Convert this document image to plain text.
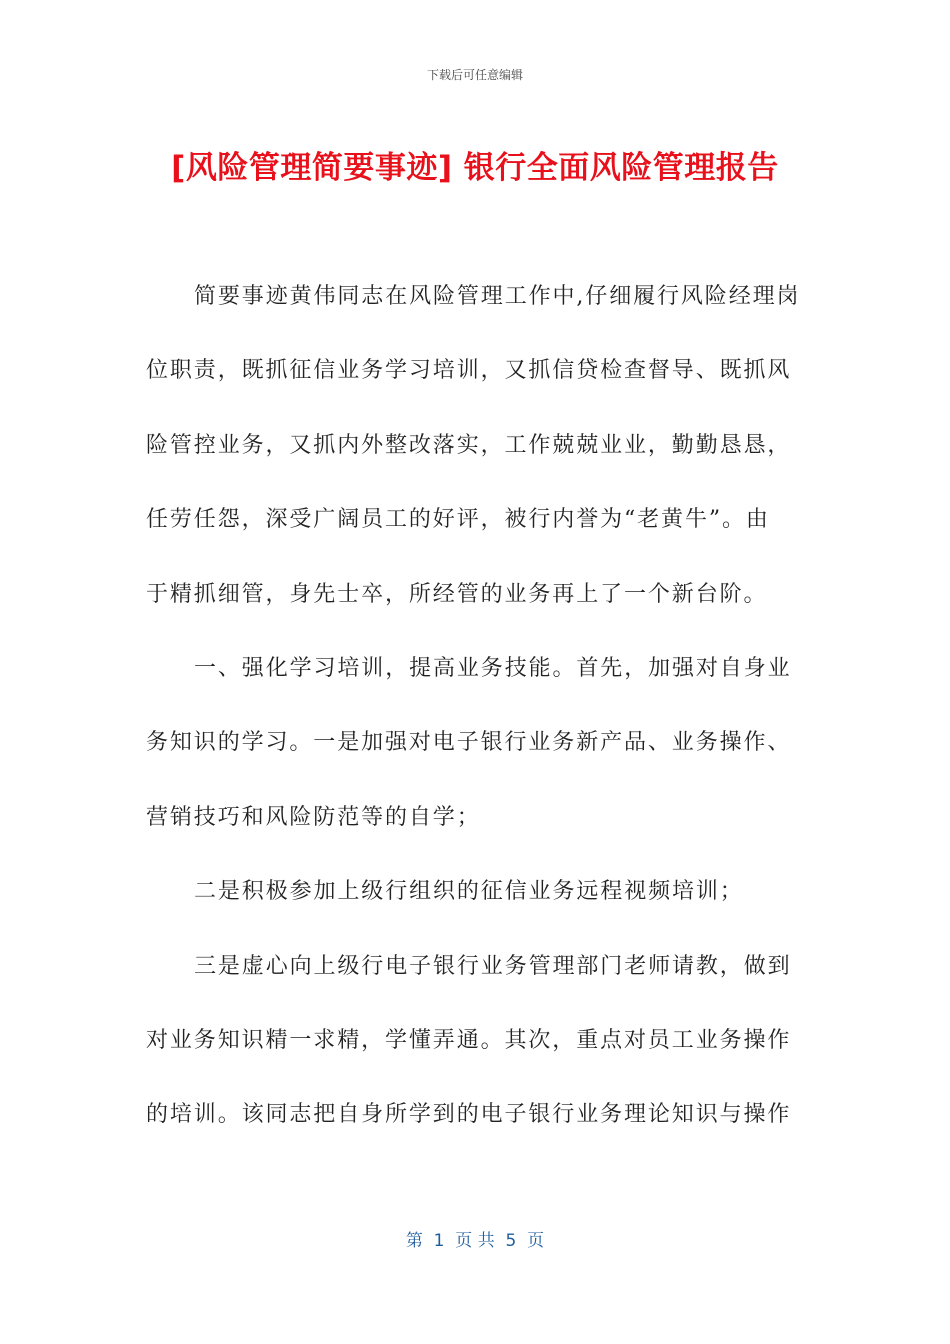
下载后可任意编辑
[风险管理简要事迹] 银行全面风险管理报告
简要事迹黄伟同志在风险管理工作中,仔细履行风险经理岗
位职责，既抓征信业务学习培训，又抓信贷检查督导、既抓风
险管控业务，又抓内外整改落实，工作兢兢业业，勤勤恳恳，
任劳任怨，深受广阔员工的好评，被行内誉为“老黄牛”。由
于精抓细管，身先士卒，所经管的业务再上了一个新台阶。
一、强化学习培训，提高业务技能。首先，加强对自身业
务知识的学习。一是加强对电子银行业务新产品、业务操作、
营销技巧和风险防范等的自学；
二是积极参加上级行组织的征信业务远程视频培训；
三是虚心向上级行电子银行业务管理部门老师请教，做到
对业务知识精一求精，学懂弄通。其次，重点对员工业务操作
的培训。该同志把自身所学到的电子银行业务理论知识与操作
第  1  页 共  5  页
